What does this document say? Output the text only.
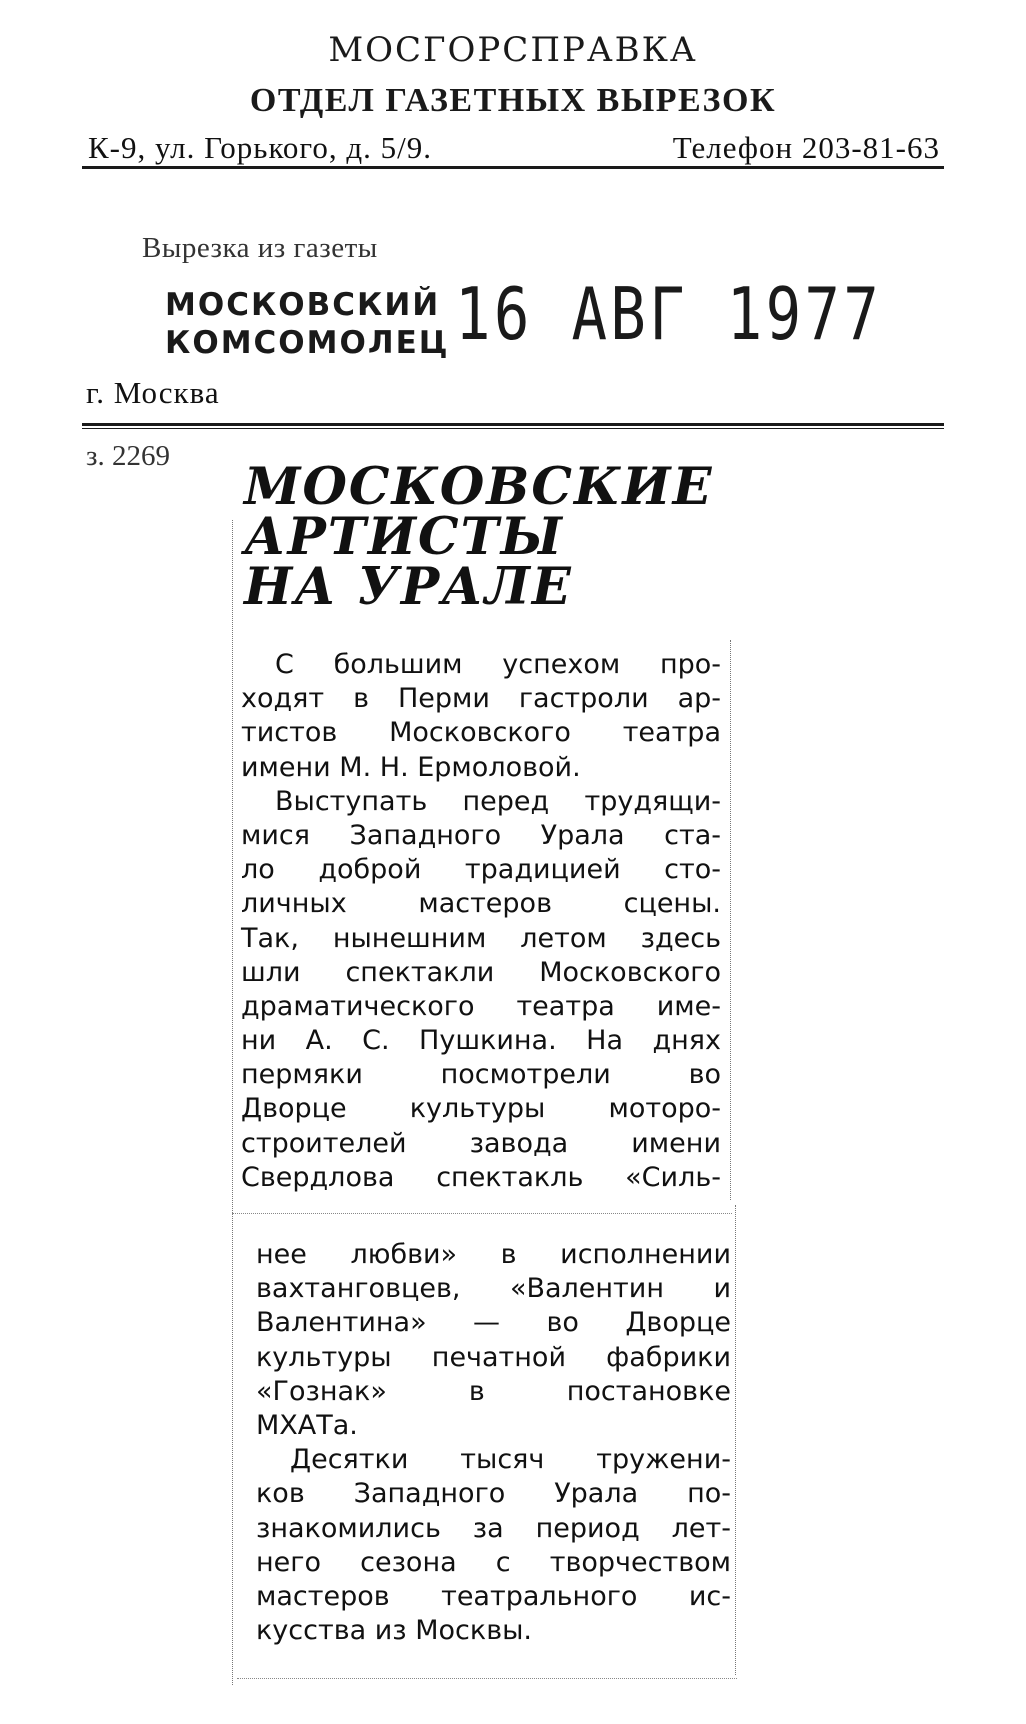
МОСГОРСПРАВКА
ОТДЕЛ ГАЗЕТНЫХ ВЫРЕЗОК
К-9, ул. Горького, д. 5/9.	Телефон 203-81-63
Вырезка из газеты
МОСКОВСКИЙ
КОМСОМОЛЕЦ 16 АВГ 1977
г. Москва
з. 2269
МОСКОВСКИЕ
АРТИСТЫ
НА УРАЛЕ
С большим успехом про-
ходят в Перми гастроли ар-
тистов Московского театра
имени М. Н. Ермоловой.
Выступать перед трудящи-
мися Западного Урала ста-
ло доброй традицией сто-
личных мастеров сцены.
Так, нынешним летом здесь
шли спектакли Московского
драматического театра име-
ни А. С. Пушкина. На днях
пермяки посмотрели во
Дворце культуры моторо-
строителей завода имени
Свердлова спектакль «Силь-
нее любви» в исполнении
вахтанговцев, «Валентин и
Валентина» — во Дворце
культуры печатной фабрики
«Гознак» в постановке
МХАТа.
Десятки тысяч тружени-
ков Западного Урала по-
знакомились за период лет-
него сезона с творчеством
мастеров театрального ис-
кусства из Москвы.
